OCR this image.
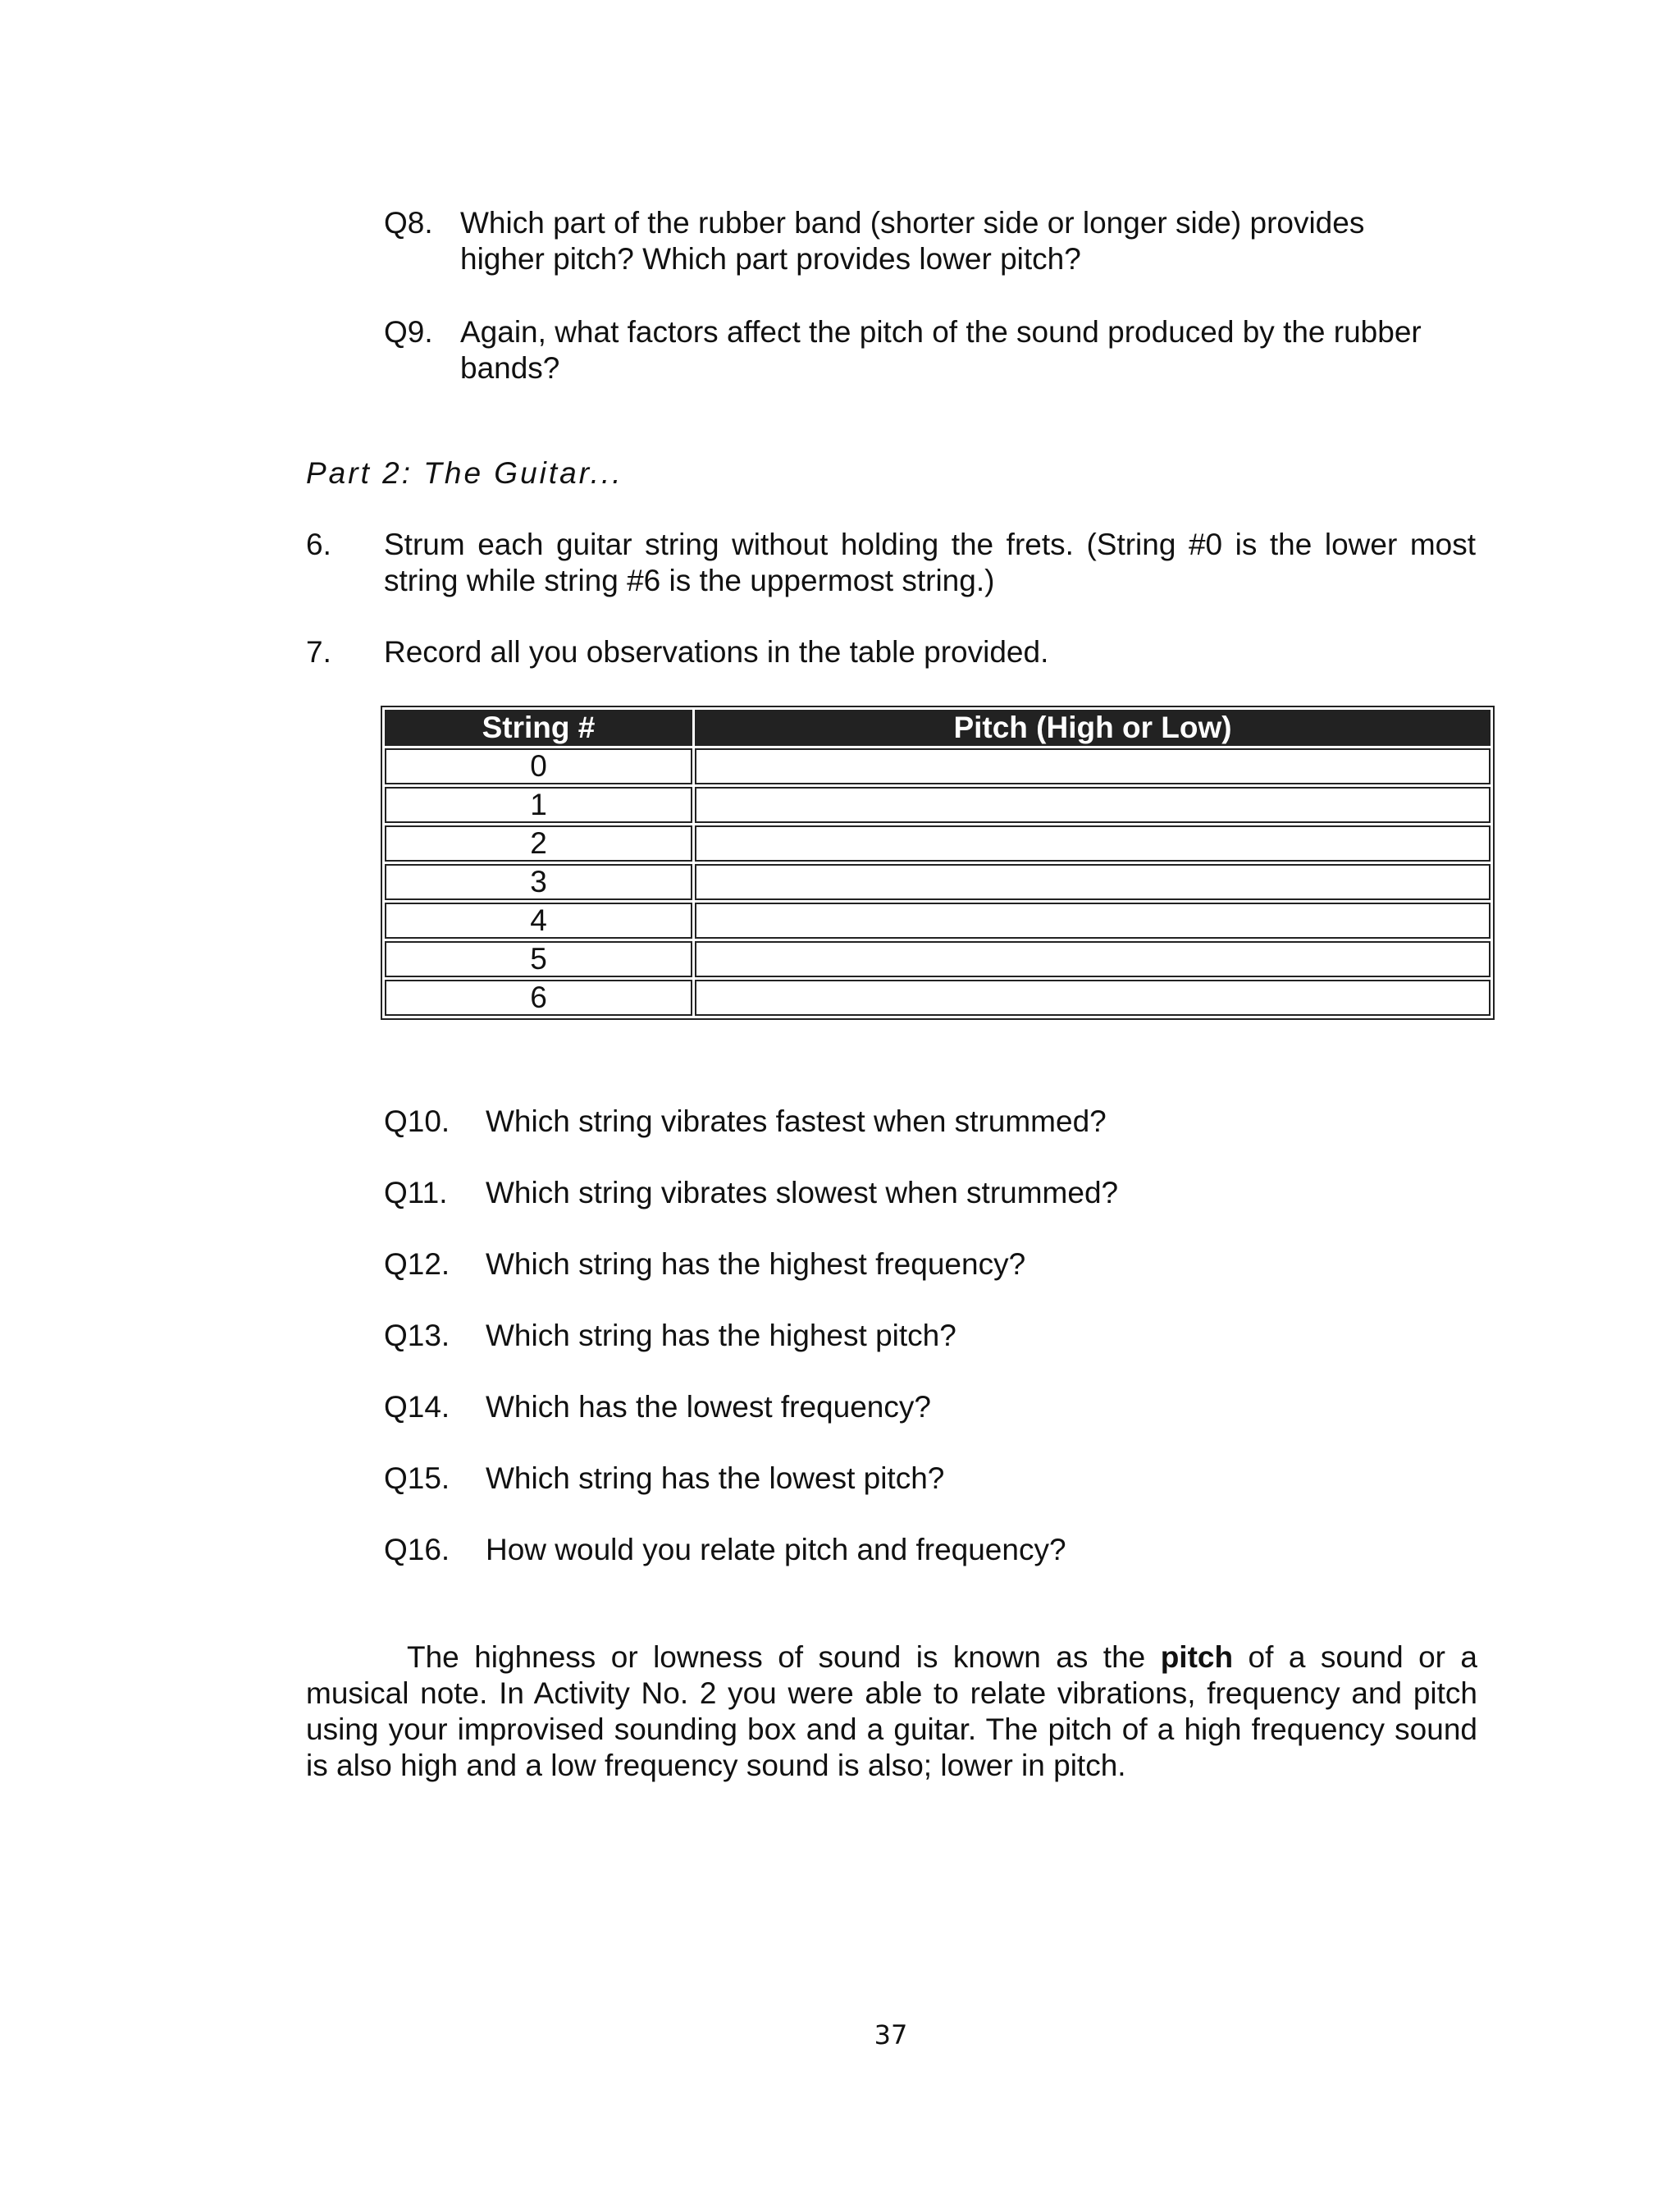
Q8. Which part of the rubber band (shorter side or longer side) provides
higher pitch? Which part provides lower pitch?
Q9. Again, what factors affect the pitch of the sound produced by the rubber
bands?
Part 2: The Guitar...
6. Strum each guitar string without holding the frets. (String #0 is the lower most string while string #6 is the uppermost string.)
7. Record all you observations in the table provided.
String #	Pitch (High or Low)
0	
1	
2	
3	
4	
5	
6	
Q10. Which string vibrates fastest when strummed?
Q11. Which string vibrates slowest when strummed?
Q12. Which string has the highest frequency?
Q13. Which string has the highest pitch?
Q14. Which has the lowest frequency?
Q15. Which string has the lowest pitch?
Q16. How would you relate pitch and frequency?
The highness or lowness of sound is known as the pitch of a sound or a musical note. In Activity No. 2 you were able to relate vibrations, frequency and pitch using your improvised sounding box and a guitar. The pitch of a high frequency sound is also high and a low frequency sound is also; lower in pitch.
37
